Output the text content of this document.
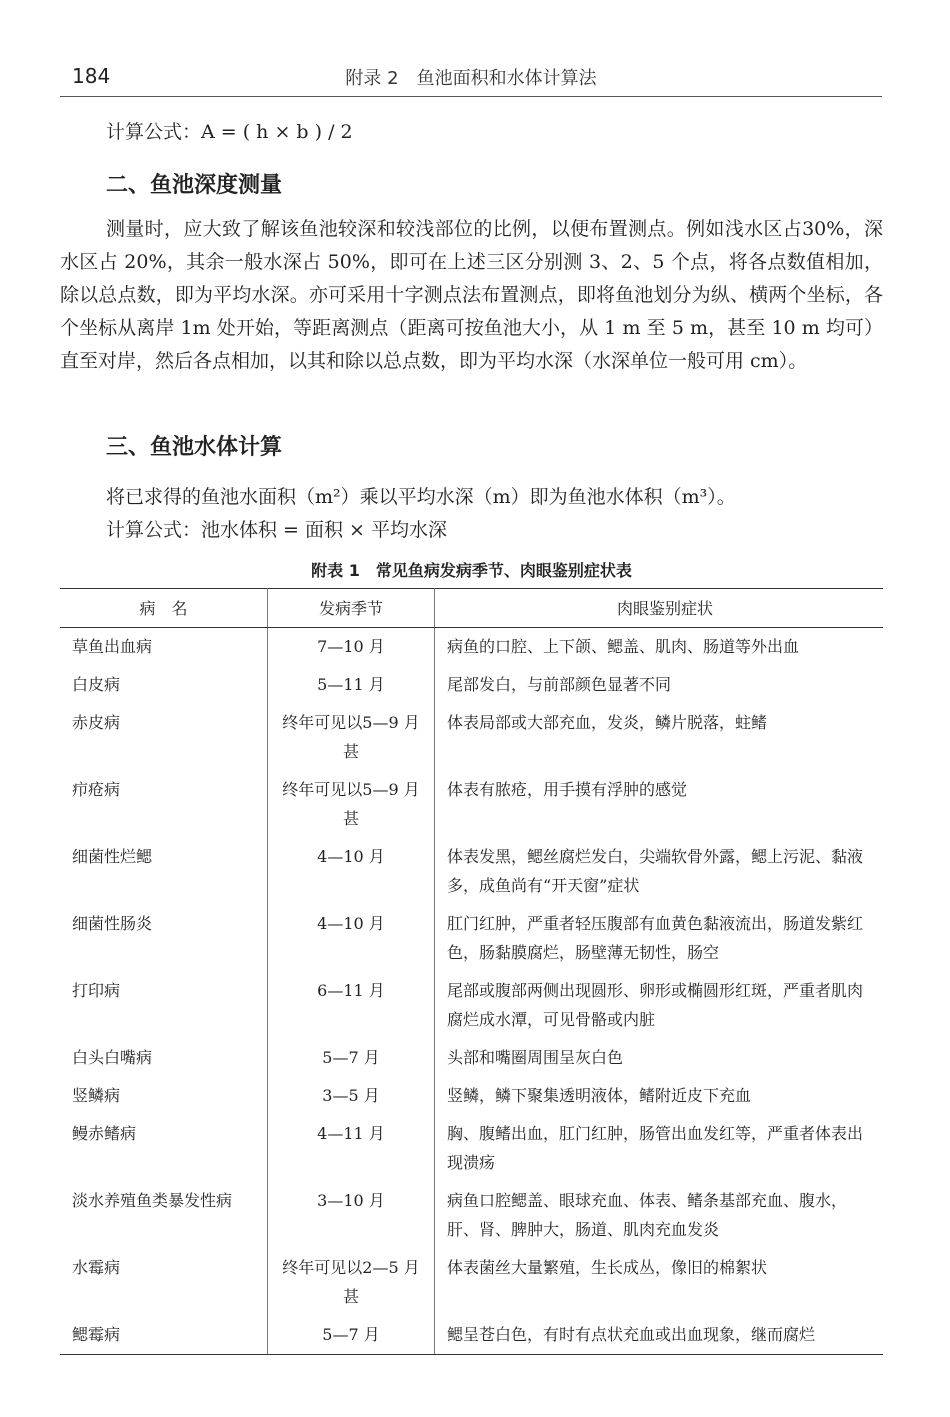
184	附录 2　鱼池面积和水体计算法
计算公式：A = ( h × b ) / 2
二、鱼池深度测量
测量时，应大致了解该鱼池较深和较浅部位的比例，以便布置测点。例如浅水区占30%，深水区占 20%，其余一般水深占 50%，即可在上述三区分别测 3、2、5 个点，将各点数值相加，除以总点数，即为平均水深。亦可采用十字测点法布置测点，即将鱼池划分为纵、横两个坐标，各个坐标从离岸 1m 处开始，等距离测点（距离可按鱼池大小，从 1 m 至 5 m，甚至 10 m 均可）直至对岸，然后各点相加，以其和除以总点数，即为平均水深（水深单位一般可用 cm）。
三、鱼池水体计算
将已求得的鱼池水面积（m²）乘以平均水深（m）即为鱼池水体积（m³）。
计算公式：池水体积 = 面积 × 平均水深
附表 1　常见鱼病发病季节、肉眼鉴别症状表
病　名	发病季节	肉眼鉴别症状
草鱼出血病	7—10 月	病鱼的口腔、上下颌、鳃盖、肌肉、肠道等外出血
白皮病	5—11 月	尾部发白，与前部颜色显著不同
赤皮病	终年可见以5—9 月甚	体表局部或大部充血，发炎，鳞片脱落，蛀鳍
疖疮病	终年可见以5—9 月甚	体表有脓疮，用手摸有浮肿的感觉
细菌性烂鳃	4—10 月	体表发黑，鳃丝腐烂发白，尖端软骨外露，鳃上污泥、黏液多，成鱼尚有“开天窗”症状
细菌性肠炎	4—10 月	肛门红肿，严重者轻压腹部有血黄色黏液流出，肠道发紫红色，肠黏膜腐烂，肠壁薄无韧性，肠空
打印病	6—11 月	尾部或腹部两侧出现圆形、卵形或椭圆形红斑，严重者肌肉腐烂成水潭，可见骨骼或内脏
白头白嘴病	5—7 月	头部和嘴圈周围呈灰白色
竖鳞病	3—5 月	竖鳞，鳞下聚集透明液体，鳍附近皮下充血
鳗赤鳍病	4—11 月	胸、腹鳍出血，肛门红肿，肠管出血发红等，严重者体表出现溃疡
淡水养殖鱼类暴发性病	3—10 月	病鱼口腔鳃盖、眼球充血、体表、鳍条基部充血、腹水，肝、肾、脾肿大，肠道、肌肉充血发炎
水霉病	终年可见以2—5 月甚	体表菌丝大量繁殖，生长成丛，像旧的棉絮状
鳃霉病	5—7 月	鳃呈苍白色，有时有点状充血或出血现象，继而腐烂
